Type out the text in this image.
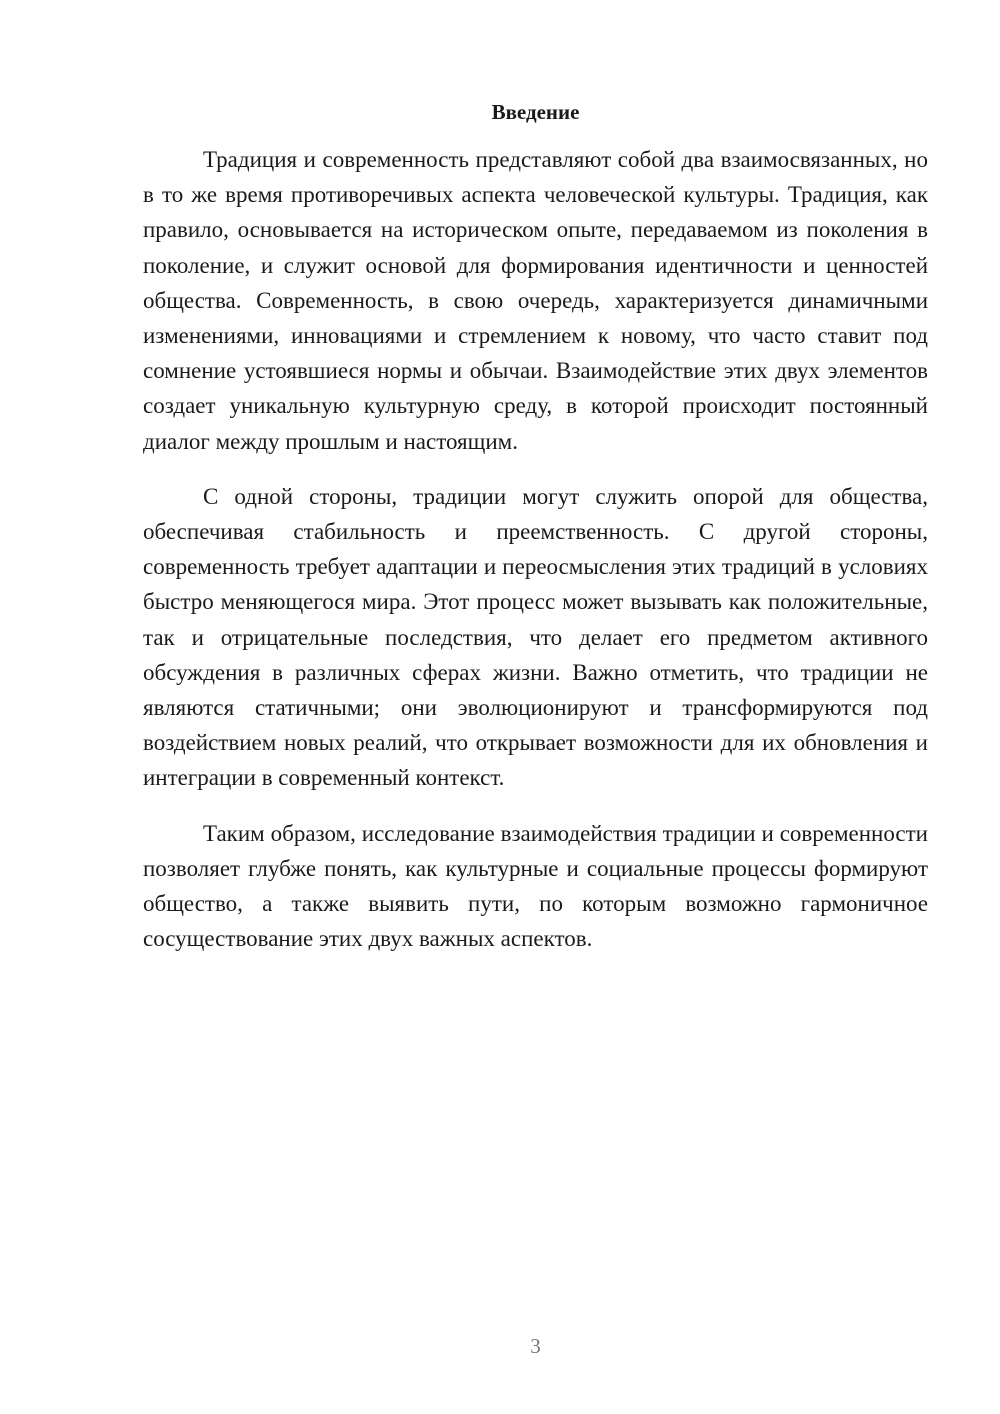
Введение

Традиция и современность представляют собой два взаимосвязанных, но в то же время противоречивых аспекта человеческой культуры. Традиция, как правило, основывается на историческом опыте, передаваемом из поколения в поколение, и служит основой для формирования идентичности и ценностей общества. Современность, в свою очередь, характеризуется динамичными изменениями, инновациями и стремлением к новому, что часто ставит под сомнение устоявшиеся нормы и обычаи. Взаимодействие этих двух элементов создает уникальную культурную среду, в которой происходит постоянный диалог между прошлым и настоящим.

С одной стороны, традиции могут служить опорой для общества, обеспечивая стабильность и преемственность. С другой стороны, современность требует адаптации и переосмысления этих традиций в условиях быстро меняющегося мира. Этот процесс может вызывать как положительные, так и отрицательные последствия, что делает его предметом активного обсуждения в различных сферах жизни. Важно отметить, что традиции не являются статичными; они эволюционируют и трансформируются под воздействием новых реалий, что открывает возможности для их обновления и интеграции в современный контекст.

Таким образом, исследование взаимодействия традиции и современности позволяет глубже понять, как культурные и социальные процессы формируют общество, а также выявить пути, по которым возможно гармоничное сосуществование этих двух важных аспектов.

3
